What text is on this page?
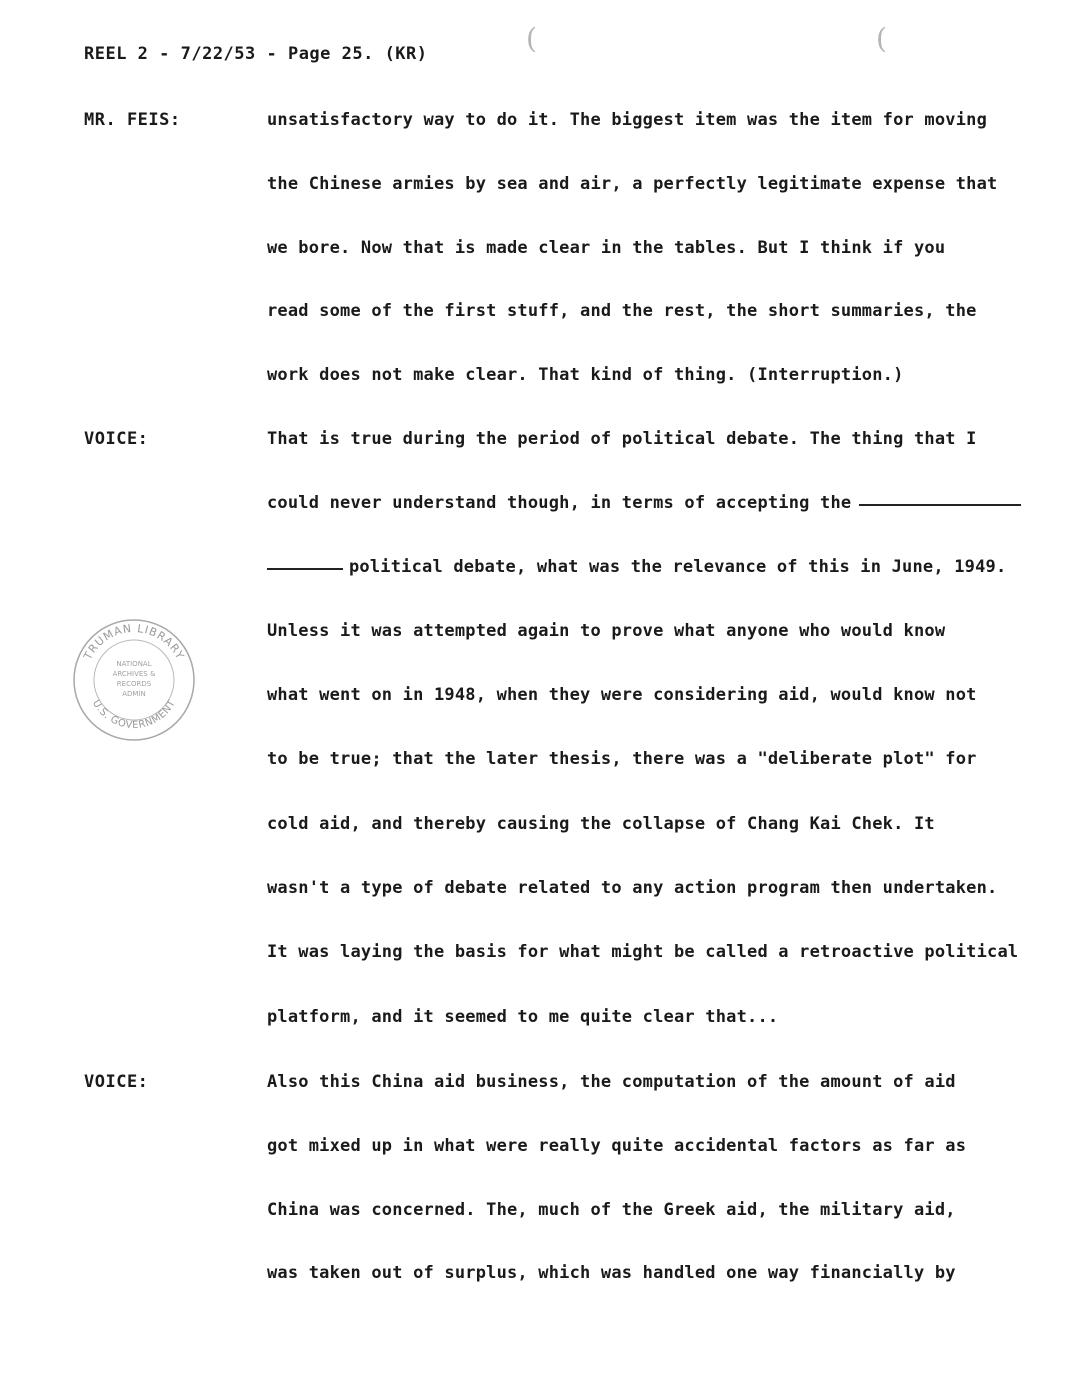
(	(
REEL 2 - 7/22/53 - Page 25. (KR)
MR. FEIS:
VOICE:
VOICE:
unsatisfactory way to do it. The biggest item was the item for moving
the Chinese armies by sea and air, a perfectly legitimate expense that
we bore. Now that is made clear in the tables. But I think if you
read some of the first stuff, and the rest, the short summaries, the
work does not make clear. That kind of thing. (Interruption.)
That is true during the period of political debate. The thing that I
could never understand though, in terms of accepting the
political debate, what was the relevance of this in June, 1949.
Unless it was attempted again to prove what anyone who would know
what went on in 1948, when they were considering aid, would know not
to be true; that the later thesis, there was a "deliberate plot" for
cold aid, and thereby causing the collapse of Chang Kai Chek. It
wasn't a type of debate related to any action program then undertaken.
It was laying the basis for what might be called a retroactive political
platform, and it seemed to me quite clear that...
Also this China aid business, the computation of the amount of aid
got mixed up in what were really quite accidental factors as far as
China was concerned. The, much of the Greek aid, the military aid,
was taken out of surplus, which was handled one way financially by
TRUMAN LIBRARY
U.S. GOVERNMENT
NATIONAL
ARCHIVES &
RECORDS
ADMIN
